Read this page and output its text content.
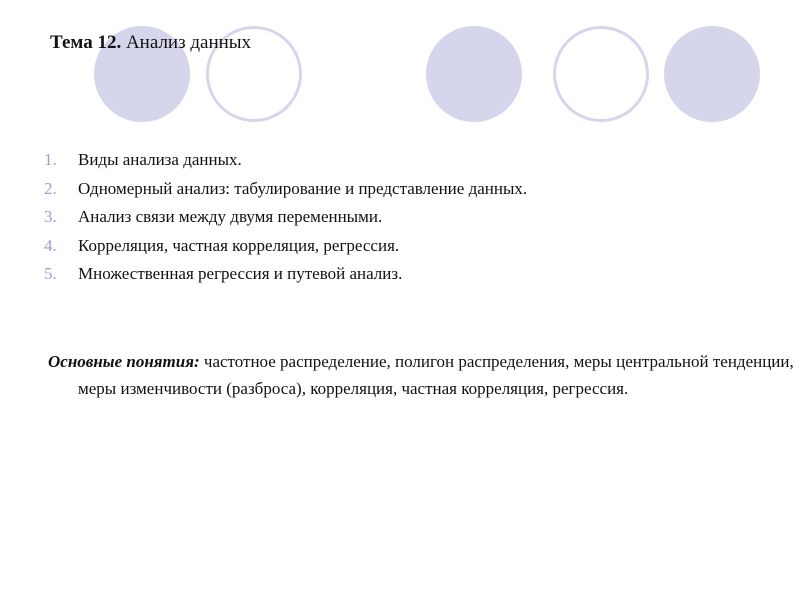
Тема 12. Анализ данных
1. Виды анализа данных.
2. Одномерный анализ: табулирование и представление данных.
3. Анализ связи между двумя переменными.
4. Корреляция, частная корреляция, регрессия.
5. Множественная регрессия и путевой анализ.
Основные понятия: частотное распределение, полигон распределения, меры центральной тенденции, меры изменчивости (разброса), корреляция, частная корреляция, регрессия.
